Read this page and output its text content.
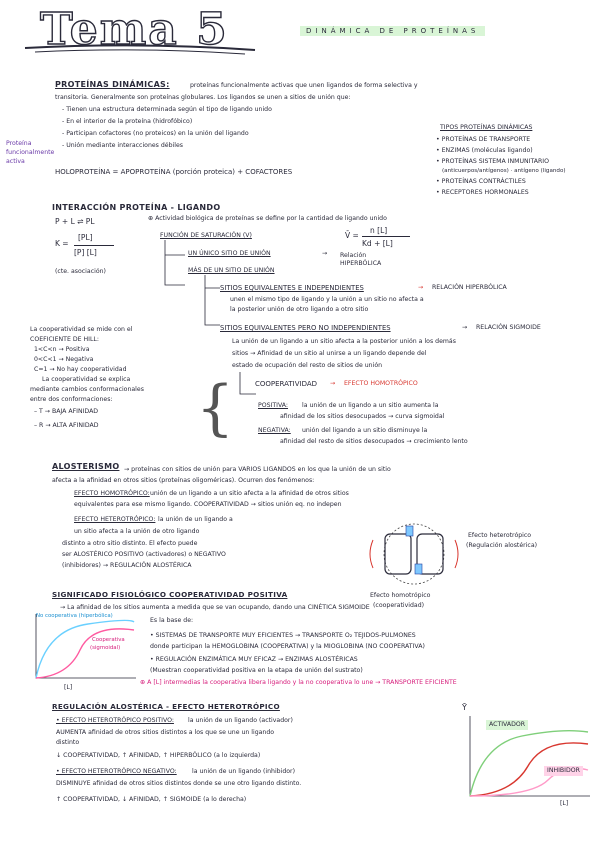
Tema 5	DINÁMICA DE PROTEÍNAS
PROTEÍNAS DINÁMICAS:	proteínas funcionalmente activas que unen ligandos de forma selectiva y
transitoria. Generalmente son proteínas globulares. Los ligandos se unen a sitios de unión que:
- Tienen una estructura determinada según el tipo de ligando unido
- En el interior de la proteína (hidrofóbico)
- Participan cofactores (no proteicos) en la unión del ligando
- Unión mediante interacciones débiles
Proteína
funcionalmente
activa
HOLOPROTEÍNA = APOPROTEÍNA (porción proteica) + COFACTORES
TIPOS PROTEÍNAS DINÁMICAS
• PROTEÍNAS DE TRANSPORTE
• ENZIMAS (moléculas ligando)
• PROTEÍNAS SISTEMA INMUNITARIO
(anticuerpos/antígenos) · antígeno (ligando)
• PROTEÍNAS CONTRÁCTILES
• RECEPTORES HORMONALES
INTERACCIÓN PROTEÍNA - LIGANDO
P + L ⇌ PL
K =
[PL]
[P] [L]
(cte. asociación)
⊕ Actividad biológica de proteínas se define por la cantidad de ligando unido
FUNCIÓN DE SATURACIÓN (V)	V̄ =
n [L]
Kd + [L]
UN ÚNICO SITIO DE UNIÓN	→ Relación HIPERBÓLICA
MÁS DE UN SITIO DE UNIÓN
SITIOS EQUIVALENTES E INDEPENDIENTES	→ RELACIÓN HIPERBÓLICA
unen el mismo tipo de ligando y la unión a un sitio no afecta a
la posterior unión de otro ligando a otro sitio
SITIOS EQUIVALENTES PERO NO INDEPENDIENTES	→ RELACIÓN SIGMOIDE
La unión de un ligando a un sitio afecta a la posterior unión a los demás
sitios → Afinidad de un sitio al unirse a un ligando depende del
estado de ocupación del resto de sitios de unión
COOPERATIVIDAD → EFECTO HOMOTRÓPICO
{	POSITIVA: la unión de un ligando a un sitio aumenta la
afinidad de los sitios desocupados → curva sigmoidal
NEGATIVA: unión del ligando a un sitio disminuye la
afinidad del resto de sitios desocupados → crecimiento lento
La cooperatividad se mide con el
COEFICIENTE DE HILL:
1<C<n → Positiva
0<C<1 → Negativa
C=1 → No hay cooperatividad
La cooperatividad se explica
mediante cambios conformacionales
entre dos conformaciones:
– T → BAJA AFINIDAD
– R → ALTA AFINIDAD
ALOSTERISMO → proteínas con sitios de unión para VARIOS LIGANDOS en los que la unión de un sitio
afecta a la afinidad en otros sitios (proteínas oligoméricas). Ocurren dos fenómenos:
EFECTO HOMOTRÓPICO: unión de un ligando a un sitio afecta a la afinidad de otros sitios
equivalentes para ese mismo ligando. COOPERATIVIDAD → sitios unión eq. no indepen
EFECTO HETEROTRÓPICO: la unión de un ligando a
un sitio afecta a la unión de otro ligando
distinto a otro sitio distinto. El efecto puede
ser ALOSTÉRICO POSITIVO (activadores) o NEGATIVO
(inhibidores) → REGULACIÓN ALOSTÉRICA
Efecto heterotrópico
(Regulación alostérica)
Efecto homotrópico
(cooperatividad)
SIGNIFICADO FISIOLÓGICO COOPERATIVIDAD POSITIVA
→ La afinidad de los sitios aumenta a medida que se van ocupando, dando una CINÉTICA SIGMOIDE
Es la base de:
• SISTEMAS DE TRANSPORTE MUY EFICIENTES → TRANSPORTE O₂ TEJIDOS-PULMONES
donde participan la HEMOGLOBINA (COOPERATIVA) y la MIOGLOBINA (NO COOPERATIVA)
• REGULACIÓN ENZIMÁTICA MUY EFICAZ → ENZIMAS ALOSTÉRICAS
(Muestran cooperatividad positiva en la etapa de unión del sustrato)
⊕ A [L] intermedias la cooperativa libera ligando y la no cooperativa lo une → TRANSPORTE EFICIENTE
No cooperativa (hiperbólica)
Cooperativa
(sigmoidal)
[L]
REGULACIÓN ALOSTÉRICA - EFECTO HETEROTRÓPICO
• EFECTO HETEROTRÓPICO POSITIVO: la unión de un ligando (activador)
AUMENTA afinidad de otros sitios distintos a los que se une un ligando
distinto
↓ COOPERATIVIDAD, ↑ AFINIDAD, ↑ HIPERBÓLICO (a lo izquierda)
• EFECTO HETEROTRÓPICO NEGATIVO: la unión de un ligando (inhibidor)
DISMINUYE afinidad de otros sitios distintos donde se une otro ligando distinto.
↑ COOPERATIVIDAD, ↓ AFINIDAD, ↑ SIGMOIDE (a lo derecha)
Ȳ
ACTIVADOR
INHIBIDOR
[L]
